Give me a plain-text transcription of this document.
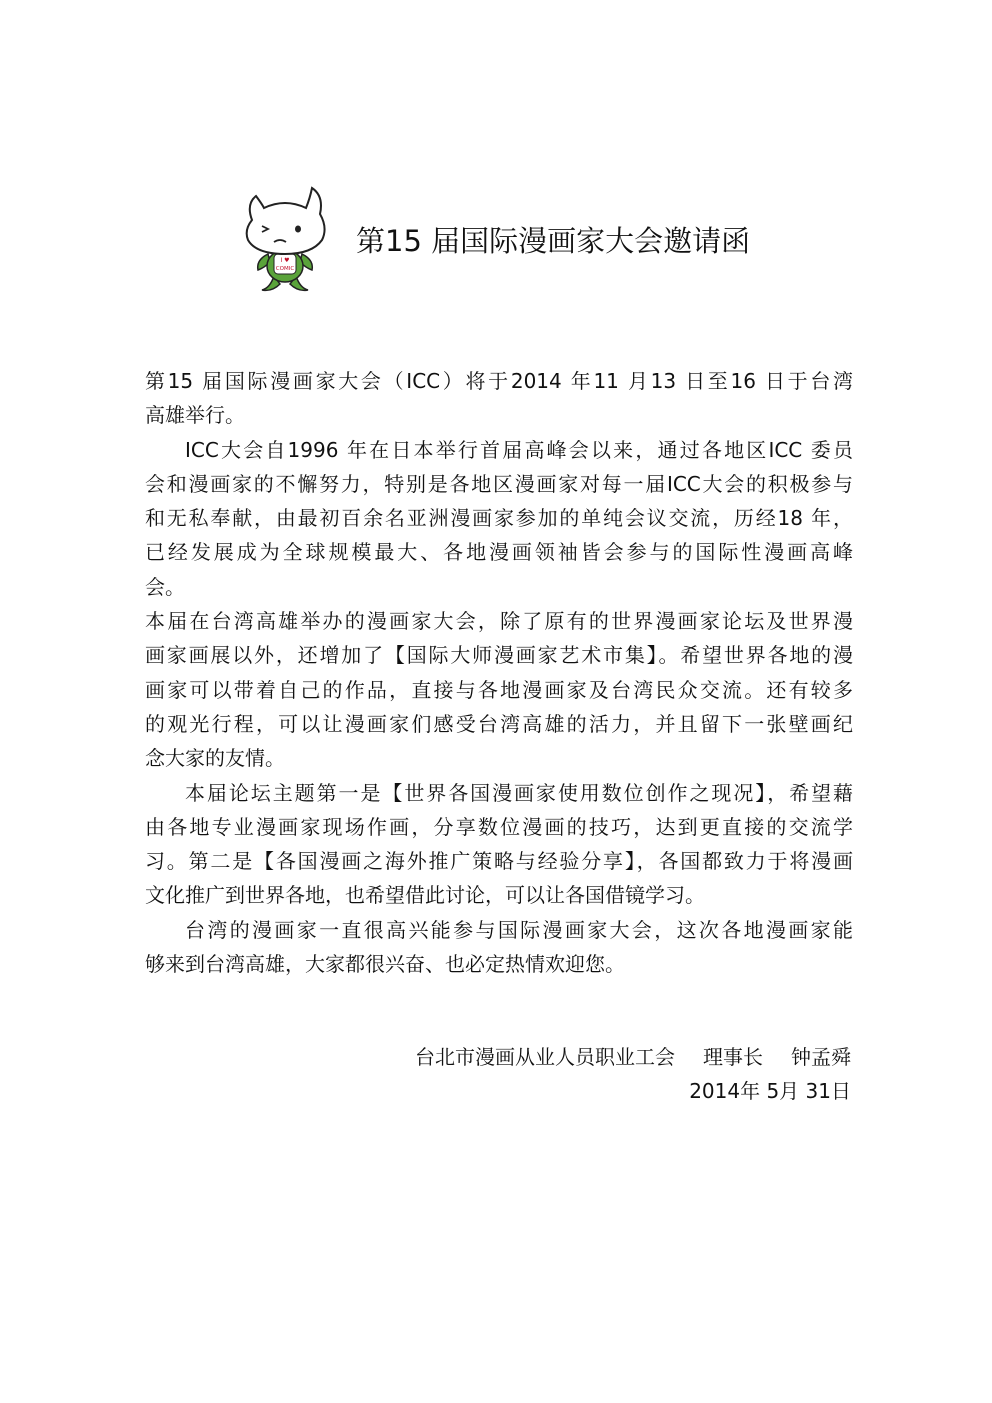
I ♥
COMIC
第15 届国际漫画家大会邀请函
第15 届国际漫画家大会（ICC）将于2014 年11 月13 日至16 日于台湾
高雄举行。
ICC大会自1996 年在日本举行首届高峰会以来，通过各地区ICC 委员
会和漫画家的不懈努力，特别是各地区漫画家对每一届ICC大会的积极参与
和无私奉献，由最初百余名亚洲漫画家参加的单纯会议交流，历经18 年，
已经发展成为全球规模最大、各地漫画领袖皆会参与的国际性漫画高峰
会。
本届在台湾高雄举办的漫画家大会，除了原有的世界漫画家论坛及世界漫
画家画展以外，还增加了【国际大师漫画家艺术市集】。希望世界各地的漫
画家可以带着自己的作品，直接与各地漫画家及台湾民众交流。还有较多
的观光行程，可以让漫画家们感受台湾高雄的活力，并且留下一张壁画纪
念大家的友情。
本届论坛主题第一是【世界各国漫画家使用数位创作之现况】，希望藉
由各地专业漫画家现场作画，分享数位漫画的技巧，达到更直接的交流学
习。第二是【各国漫画之海外推广策略与经验分享】，各国都致力于将漫画
文化推广到世界各地，也希望借此讨论，可以让各国借镜学习。
台湾的漫画家一直很高兴能参与国际漫画家大会，这次各地漫画家能
够来到台湾高雄，大家都很兴奋、也必定热情欢迎您。
台北市漫画从业人员职业工会 理事长 钟孟舜
2014年 5月 31日
